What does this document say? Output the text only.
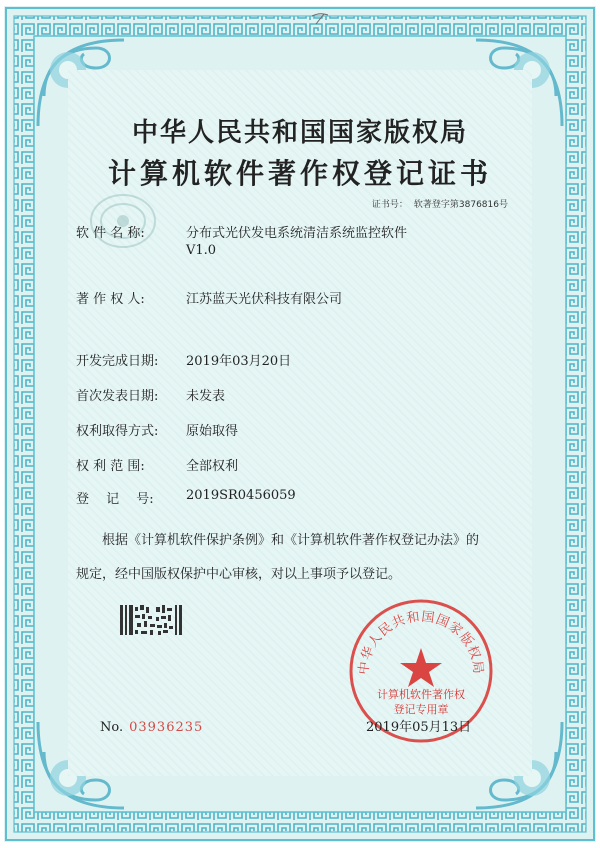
中华人民共和国国家版权局
计算机软件著作权登记证书
证书号： 软著登字第3876816号
软 件 名 称:	分布式光伏发电系统清洁系统监控软件
V1.0
著 作 权 人:	江苏蓝天光伏科技有限公司
开发完成日期: 2019年03月20日
首次发表日期: 未发表
权利取得方式: 原始取得
权 利 范 围:	全部权利
登　 记　 号: 2019SR0456059
根据《计算机软件保护条例》和《计算机软件著作权登记办法》的
规定，经中国版权保护中心审核，对以上事项予以登记。
中华人民共和国国家版权局
计算机软件著作权
登记专用章
2019年05月13日
No. 03936235
